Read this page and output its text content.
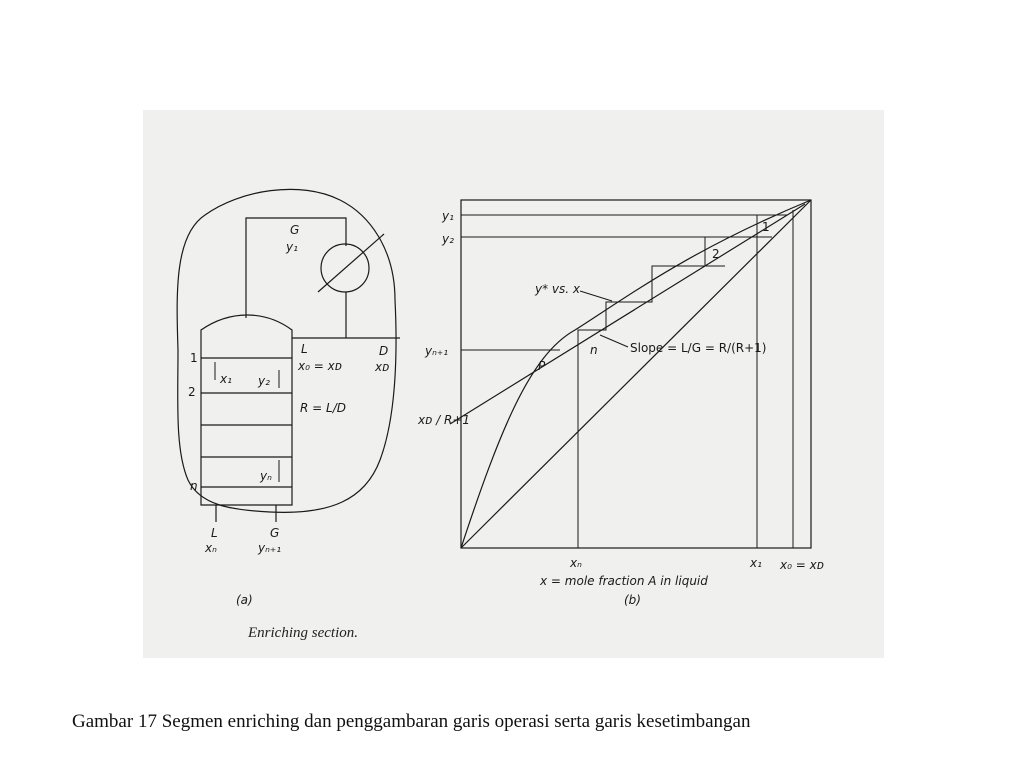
G
y₁
L
x₀ = xᴅ
D
xᴅ
R = L/D
1
2
n
x₁ y₂
yₙ
L
xₙ
G
yₙ₊₁
(a)
Enriching section.
y₁
y₂
yₙ₊₁
xᴅ / R+1
y* vs. x
Slope = L/G = R/(R+1)
P
n
1
2
xₙ	x₁ x₀ = xᴅ
x = mole fraction A in liquid
(b)
Gambar 17 Segmen enriching dan penggambaran garis operasi serta garis kesetimbangan
